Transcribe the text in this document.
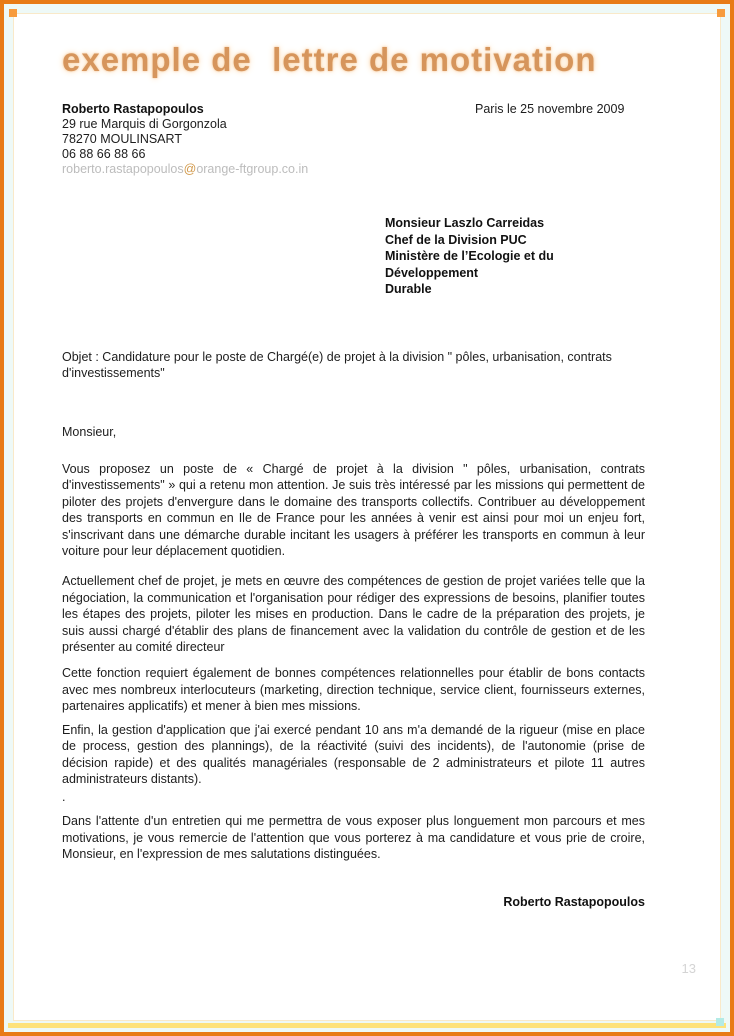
exemple de  lettre de motivation
Roberto Rastapopoulos
29 rue Marquis di Gorgonzola
78270 MOULINSART
06 88 66 88 66
roberto.rastapopoulos@orange-ftgroup.co.in
Paris le 25 novembre 2009
Monsieur Laszlo Carreidas
Chef de la Division PUC
Ministère de l’Ecologie et du Développement
Durable
Objet : Candidature pour le poste de Chargé(e) de projet à la division " pôles, urbanisation, contrats d'investissements"
Monsieur,

Vous proposez un poste de « Chargé de projet à la division " pôles, urbanisation, contrats d'investissements" » qui a retenu mon attention. Je suis très intéressé par les missions qui permettent de piloter des projets d'envergure dans le domaine des transports collectifs. Contribuer au développement des transports en commun en Ile de France pour les années à venir est ainsi pour moi un enjeu fort, s'inscrivant dans une démarche durable incitant les usagers à préférer les transports en commun à leur voiture pour leur déplacement quotidien.

Actuellement chef de projet, je mets en œuvre des compétences de gestion de projet variées telle que la négociation, la communication et l'organisation pour rédiger des expressions de besoins, planifier toutes les étapes des projets, piloter les mises en production. Dans le cadre de la préparation des projets, je suis aussi chargé d'établir des plans de financement avec la validation du contrôle de gestion et de les présenter au comité directeur

Cette fonction requiert également de bonnes compétences relationnelles pour établir de bons contacts avec mes nombreux interlocuteurs (marketing, direction technique, service client, fournisseurs externes, partenaires applicatifs) et mener à bien mes missions.

Enfin, la gestion d'application que j'ai exercé pendant 10 ans m'a demandé de la rigueur (mise en place de process, gestion des plannings), de la réactivité (suivi des incidents), de l'autonomie (prise de décision rapide) et des qualités managériales (responsable de 2 administrateurs et pilote 11 autres administrateurs distants).

.

Dans l'attente d'un entretien qui me permettra de vous exposer plus longuement mon parcours et mes motivations, je vous remercie de l'attention que vous porterez à ma candidature et vous prie de croire, Monsieur, en l'expression de mes salutations distinguées.

Roberto Rastapopoulos
13
